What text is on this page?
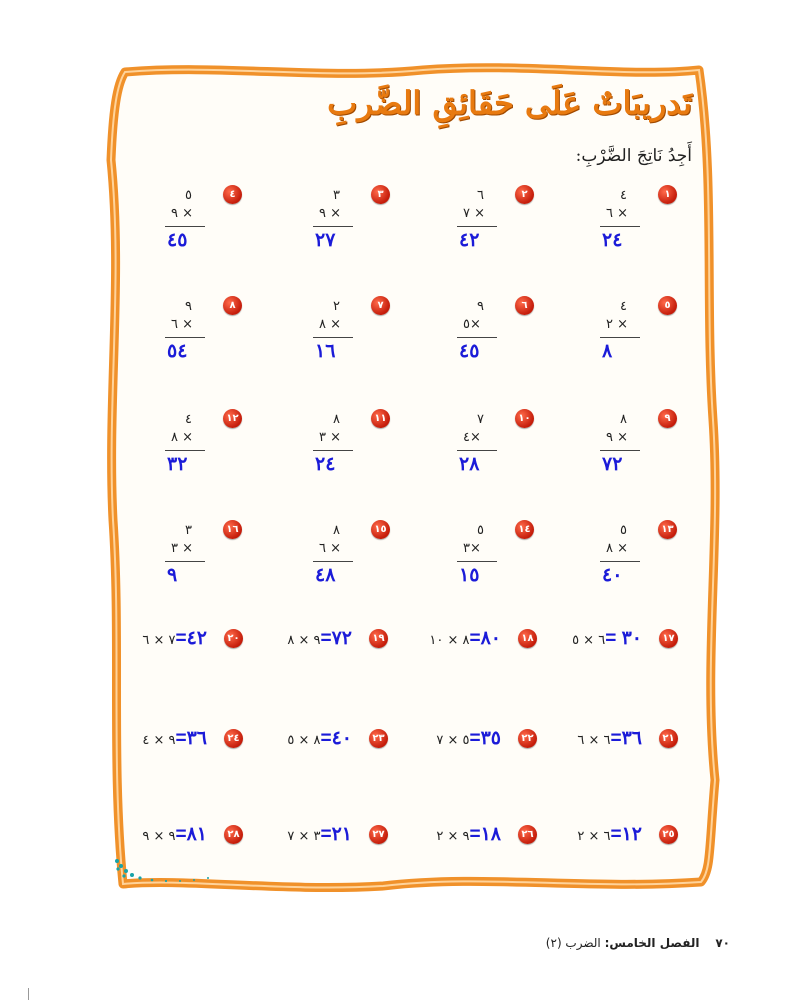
تَدريبَاتٌ عَلَى حَقَائِقِ الضَّربِ
أَجِدُ نَاتِجَ الضَّرْبِ:
١
٤
٦ ×
٢٤
٢
٦
٧ ×
٤٢
٣
٣
٩ ×
٢٧
٤
٥
٩ ×
٤٥
٥
٤
٢ ×
٨
٦
٩
٥×
٤٥
٧
٢
٨ ×
١٦
٨
٩
٦ ×
٥٤
٩
٨
٩ ×
٧٢
١٠
٧
٤×
٢٨
١١
٨
٣ ×
٢٤
١٢
٤
٨ ×
٣٢
١٣
٥
٨ ×
٤٠
١٤
٥
٣×
١٥
١٥
٨
٦ ×
٤٨
١٦
٣
٣ ×
٩
١٧
٣٠ =٦ × ٥
١٨
٨٠=٨ × ١٠
١٩
٧٢=٩ × ٨
٢٠
٤٢=٧ × ٦
٢١
٣٦=٦ × ٦
٢٢
٣٥=٥ × ٧
٢٣
٤٠=٨ × ٥
٢٤
٣٦=٩ × ٤
٢٥
١٢=٦ × ٢
٢٦
١٨=٩ × ٢
٢٧
٢١=٣ × ٧
٢٨
٨١=٩ × ٩
٧٠ الفصل الخامس: الضرب (٢)
